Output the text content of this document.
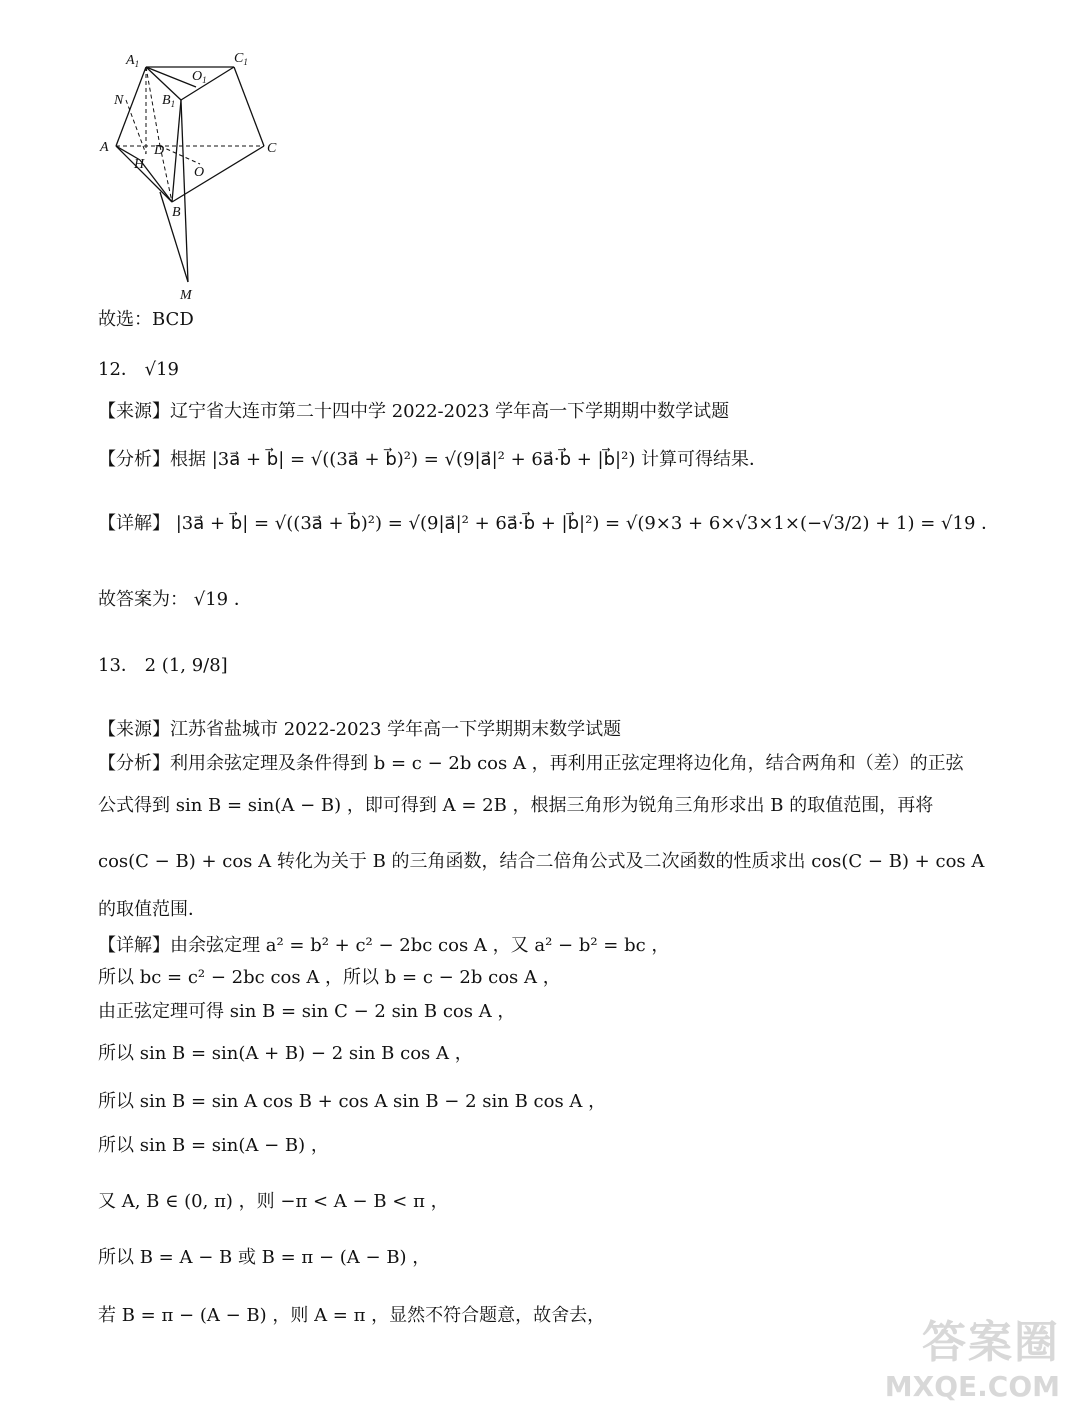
$A_1$	$C_1$
$O_1$
$B_1$
N
A	D	C
H
O
B
M
故选：BCD
12． √19
【来源】辽宁省大连市第二十四中学 2022-2023 学年高一下学期期中数学试题
【分析】根据 |3a⃗ + b⃗| = √((3a⃗ + b⃗)²) = √(9|a⃗|² + 6a⃗·b⃗ + |b⃗|²) 计算可得结果．
【详解】 |3a⃗ + b⃗| = √((3a⃗ + b⃗)²) = √(9|a⃗|² + 6a⃗·b⃗ + |b⃗|²) = √(9×3 + 6×√3×1×(−√3/2) + 1) = √19 ．
故答案为： √19 ．
13． 2 (1, 9/8]
【来源】江苏省盐城市 2022-2023 学年高一下学期期末数学试题
【分析】利用余弦定理及条件得到 b = c − 2b cos A ，再利用正弦定理将边化角，结合两角和（差）的正弦
公式得到 sin B = sin(A − B) ，即可得到 A = 2B ，根据三角形为锐角三角形求出 B 的取值范围，再将
cos(C − B) + cos A 转化为关于 B 的三角函数，结合二倍角公式及二次函数的性质求出 cos(C − B) + cos A
的取值范围．
【详解】由余弦定理 a² = b² + c² − 2bc cos A ，又 a² − b² = bc ，
所以 bc = c² − 2bc cos A ，所以 b = c − 2b cos A ，
由正弦定理可得 sin B = sin C − 2 sin B cos A ，
所以 sin B = sin(A + B) − 2 sin B cos A ，
所以 sin B = sin A cos B + cos A sin B − 2 sin B cos A ，
所以 sin B = sin(A − B) ，
又 A, B ∈ (0, π) ，则 −π < A − B < π ，
所以 B = A − B 或 B = π − (A − B) ，
若 B = π − (A − B) ，则 A = π ，显然不符合题意，故舍去，
答案圈
MXQE.COM
